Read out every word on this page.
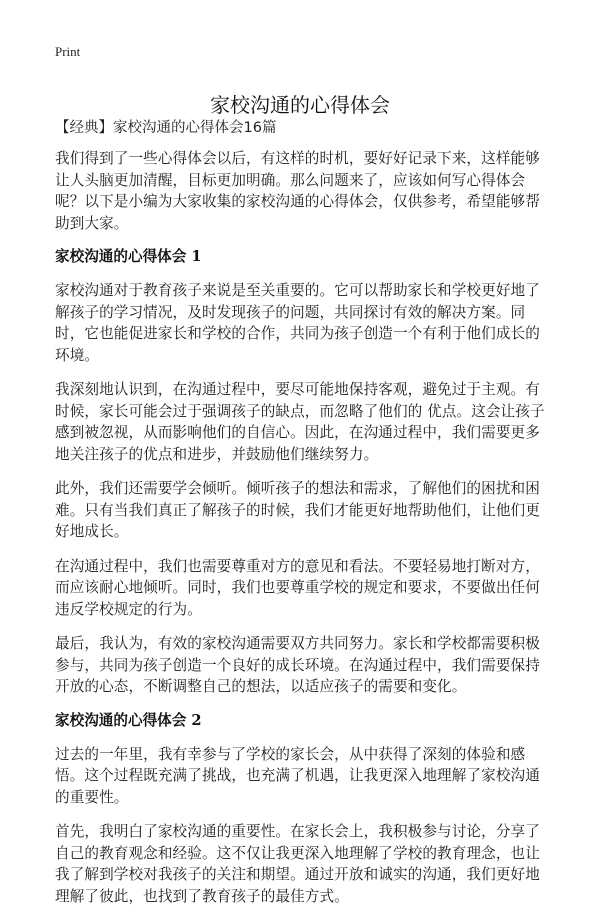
Print
家校沟通的心得体会
【经典】家校沟通的心得体会16篇

我们得到了一些心得体会以后，有这样的时机，要好好记录下来，这样能够让人头脑更加清醒，目标更加明确。那么问题来了，应该如何写心得体会呢？以下是小编为大家收集的家校沟通的心得体会，仅供参考，希望能够帮助到大家。

家校沟通的心得体会 1

家校沟通对于教育孩子来说是至关重要的。它可以帮助家长和学校更好地了解孩子的学习情况，及时发现孩子的问题，共同探讨有效的解决方案。同时，它也能促进家长和学校的合作，共同为孩子创造一个有利于他们成长的环境。

我深刻地认识到，在沟通过程中，要尽可能地保持客观，避免过于主观。有时候，家长可能会过于强调孩子的缺点，而忽略了他们的 优点。这会让孩子感到被忽视，从而影响他们的自信心。因此，在沟通过程中，我们需要更多地关注孩子的优点和进步，并鼓励他们继续努力。

此外，我们还需要学会倾听。倾听孩子的想法和需求，了解他们的困扰和困难。只有当我们真正了解孩子的时候，我们才能更好地帮助他们，让他们更好地成长。

在沟通过程中，我们也需要尊重对方的意见和看法。不要轻易地打断对方，而应该耐心地倾听。同时，我们也要尊重学校的规定和要求，不要做出任何违反学校规定的行为。

最后，我认为，有效的家校沟通需要双方共同努力。家长和学校都需要积极参与，共同为孩子创造一个良好的成长环境。在沟通过程中，我们需要保持开放的心态，不断调整自己的想法，以适应孩子的需要和变化。

家校沟通的心得体会 2

过去的一年里，我有幸参与了学校的家长会，从中获得了深刻的体验和感悟。这个过程既充满了挑战，也充满了机遇，让我更深入地理解了家校沟通的重要性。

首先，我明白了家校沟通的重要性。在家长会上，我积极参与讨论，分享了自己的教育观念和经验。这不仅让我更深入地理解了学校的教育理念，也让我了解到学校对我孩子的关注和期望。通过开放和诚实的沟通，我们更好地理解了彼此，也找到了教育孩子的最佳方式。
